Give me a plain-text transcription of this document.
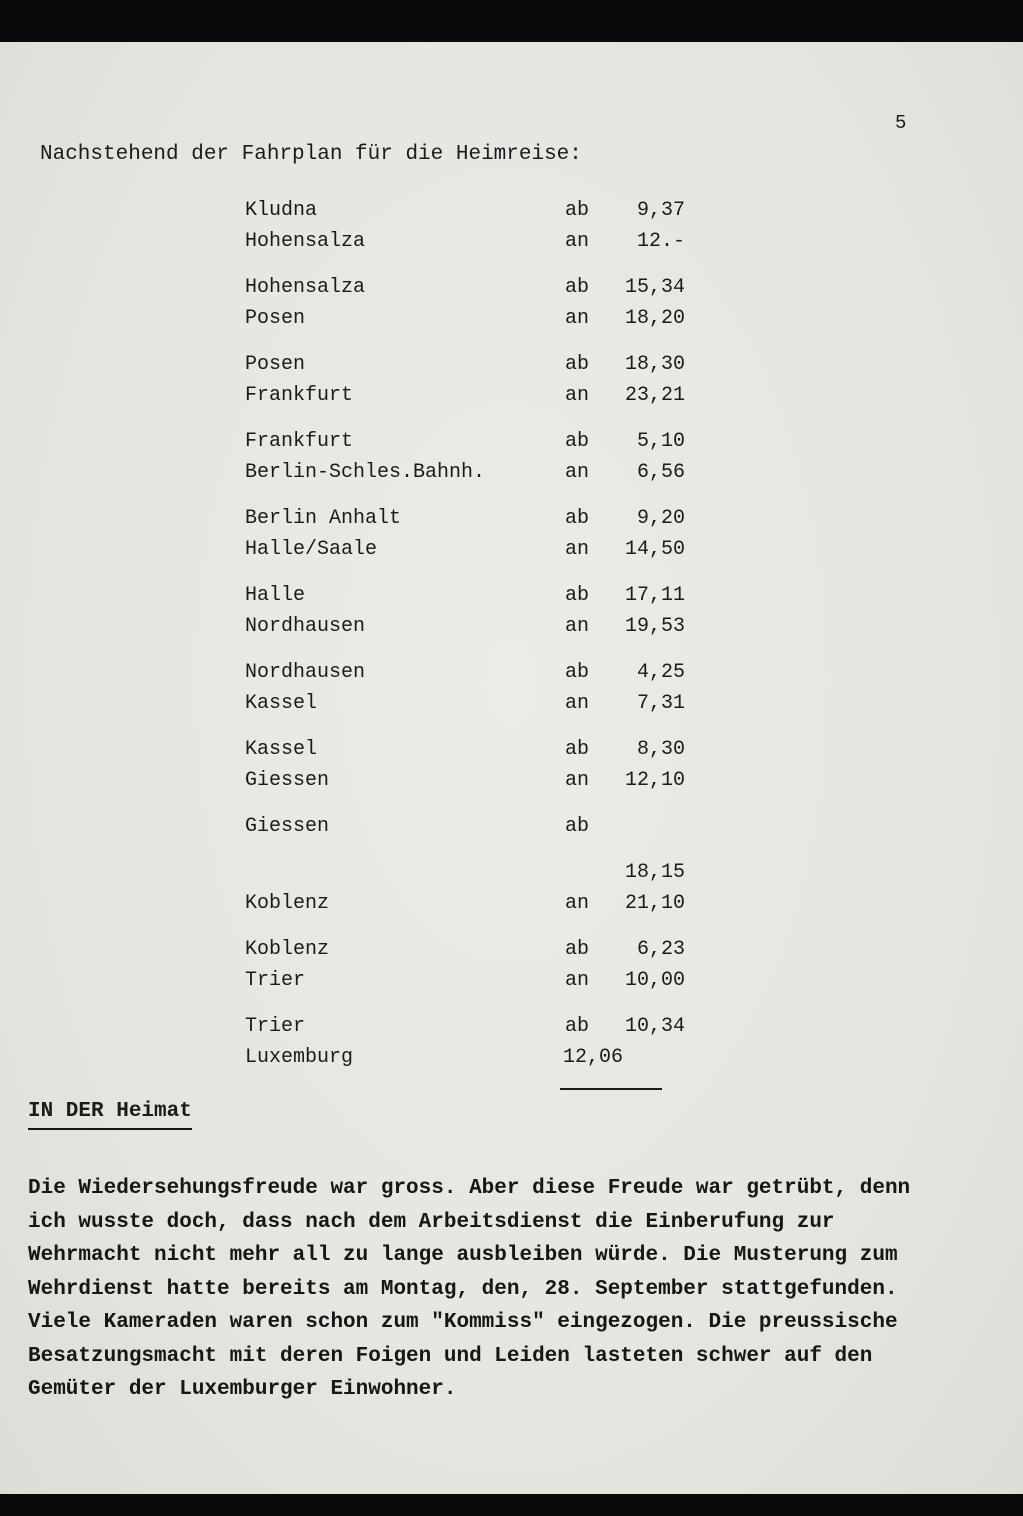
5
Nachstehend der Fahrplan für die Heimreise:
Kludna	ab 9,37
Hohensalza	an 12.-
Hohensalza	ab 15,34
Posen	an 18,20
Posen	ab 18,30
Frankfurt	an 23,21
Frankfurt	ab 5,10
Berlin-Schles.Bahnh.	an 6,56
Berlin Anhalt	ab 9,20
Halle/Saale	an 14,50
Halle	ab 17,11
Nordhausen	an 19,53
Nordhausen	ab 4,25
Kassel	an 7,31
Kassel	ab 8,30
Giessen	an 12,10
Giessen	ab
18,15
Koblenz	an 21,10
Koblenz	ab 6,23
Trier	an 10,00
Trier	ab 10,34
Luxemburg	12,06
IN DER Heimat
Die Wiedersehungsfreude war gross. Aber diese Freude war getrübt, denn
ich wusste doch, dass nach dem Arbeitsdienst die Einberufung zur
Wehrmacht nicht mehr all zu lange ausbleiben würde. Die Musterung zum
Wehrdienst hatte bereits am Montag, den, 28. September stattgefunden.
Viele Kameraden waren schon zum "Kommiss" eingezogen. Die preussische
Besatzungsmacht mit deren Foigen und Leiden lasteten schwer auf den
Gemüter der Luxemburger Einwohner.
